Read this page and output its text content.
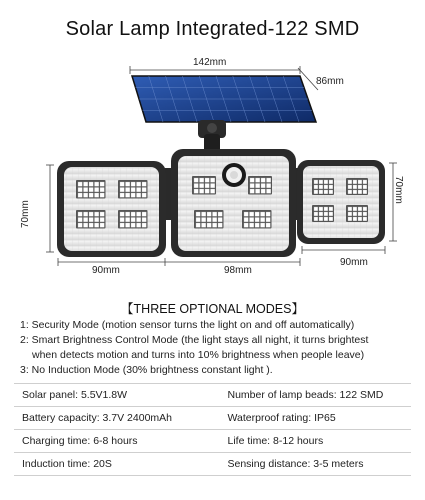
Solar Lamp Integrated-122 SMD
142mm
86mm
70mm
70mm
90mm	98mm
90mm
【THREE OPTIONAL MODES】

1: Security Mode (motion sensor turns the light on and off automatically)

2: Smart Brightness Control Mode (the light stays all night, it turns brightest
when detects motion and turns into 10% brightness when people leave)

3: No Induction Mode (30% brightness constant light ).

Solar panel: 5.5V1.8W	Number of lamp beads: 122 SMD
Battery capacity: 3.7V 2400mAh	Waterproof rating: IP65
Charging time: 6-8 hours	Life time: 8-12 hours
Induction time: 20S	Sensing distance: 3-5 meters
